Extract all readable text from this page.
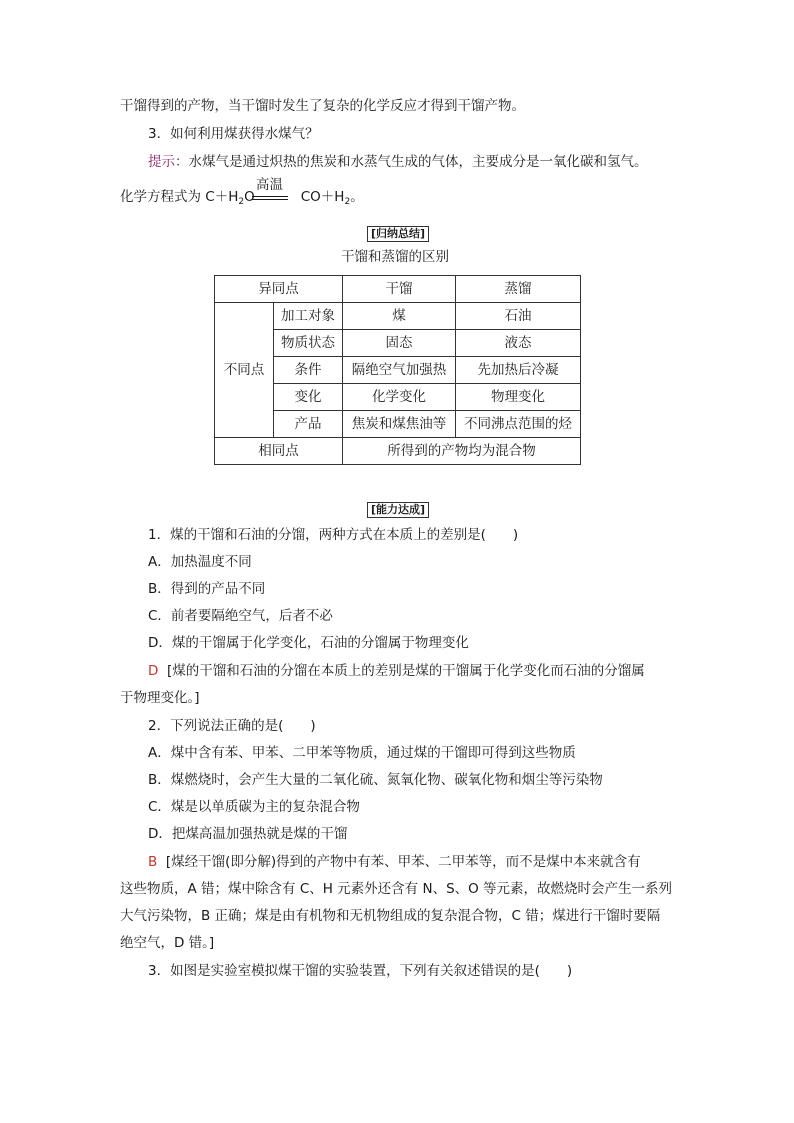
干馏得到的产物，当干馏时发生了复杂的化学反应才得到干馏产物。
3．如何利用煤获得水煤气？
提示：水煤气是通过炽热的焦炭和水蒸气生成的气体，主要成分是一氧化碳和氢气。
化学方程式为 $C+H_2O$	$CO+H_2$。
高温
[归纳总结]
干馏和蒸馏的区别
异同点		干馏	蒸馏
不同点	加工对象	煤	石油
	物质状态	固态	液态
	条件	隔绝空气加强热	先加热后冷凝
	变化	化学变化	物理变化
	产品	焦炭和煤焦油等	不同沸点范围的烃
相同点		所得到的产物均为混合物	
[能力达成]
1．煤的干馏和石油的分馏，两种方式在本质上的差别是(　　)
A．加热温度不同
B．得到的产品不同
C．前者要隔绝空气，后者不必
D．煤的干馏属于化学变化，石油的分馏属于物理变化
D [煤的干馏和石油的分馏在本质上的差别是煤的干馏属于化学变化而石油的分馏属
于物理变化。]
2．下列说法正确的是(　　)
A．煤中含有苯、甲苯、二甲苯等物质，通过煤的干馏即可得到这些物质
B．煤燃烧时，会产生大量的二氧化硫、氮氧化物、碳氧化物和烟尘等污染物
C．煤是以单质碳为主的复杂混合物
D．把煤高温加强热就是煤的干馏
B [煤经干馏(即分解)得到的产物中有苯、甲苯、二甲苯等，而不是煤中本来就含有
这些物质，A 错；煤中除含有 C、H 元素外还含有 N、S、O 等元素，故燃烧时会产生一系列
大气污染物，B 正确；煤是由有机物和无机物组成的复杂混合物，C 错；煤进行干馏时要隔
绝空气，D 错。]
3．如图是实验室模拟煤干馏的实验装置，下列有关叙述错误的是(　　)
